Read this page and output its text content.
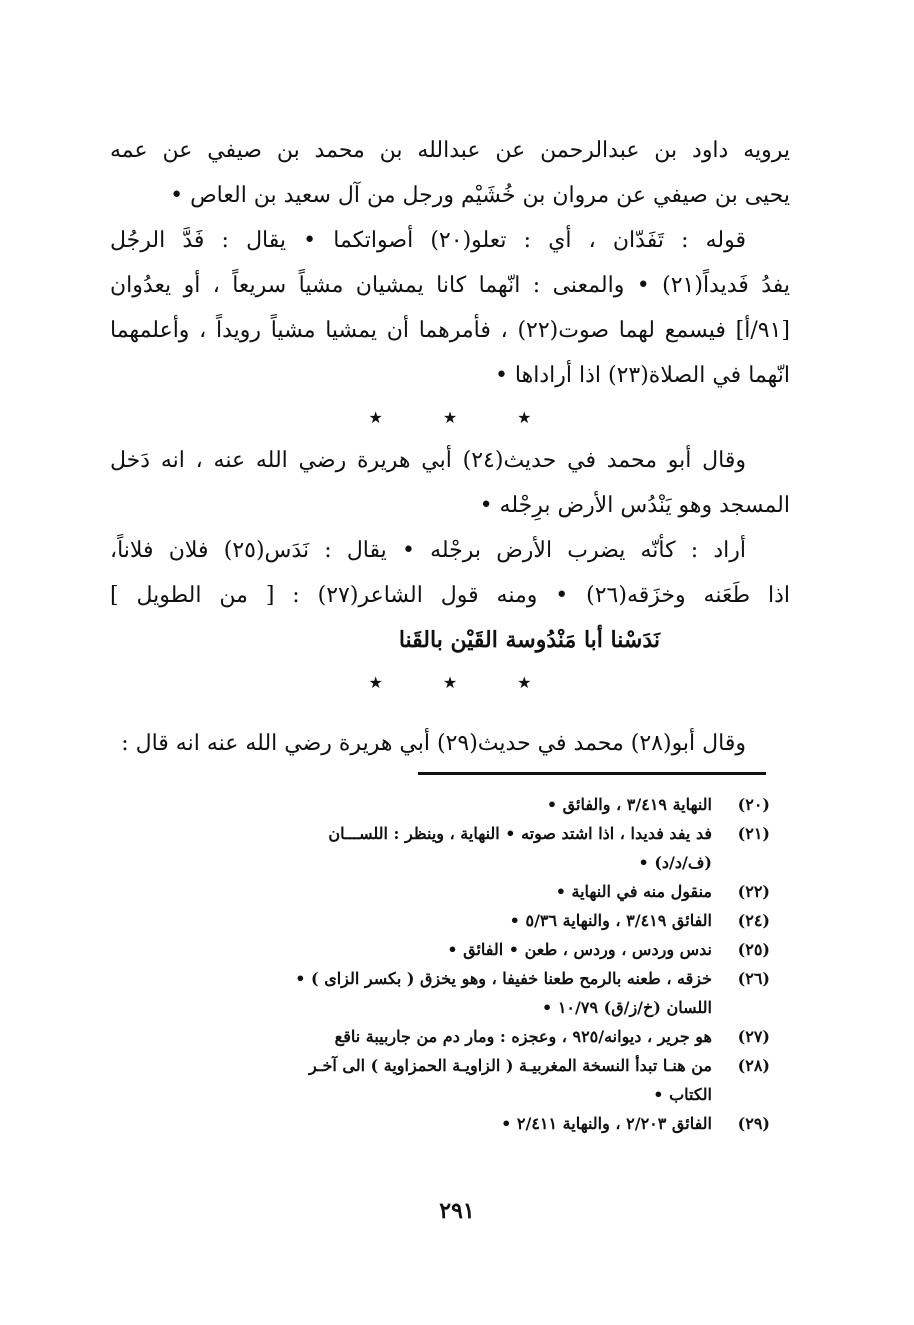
يرويه داود بن عبدالرحمن عن عبدالله بن محمد بن صيفي عن عمه
يحيى بن صيفي عن مروان بن خُشَيْم ورجل من آل سعيد بن العاص •
قوله : تَفَدّان ، أي : تعلو(٢٠) أصواتكما • يقال : فَدَّ الرجُل
يفدُ فَديداً(٢١) • والمعنى : انّهما كانا يمشيان مشياً سريعاً ، أو يعدُوان
[٩١/أ] فيسمع لهما صوت(٢٢) ، فأمرهما أن يمشيا مشياً رويداً ، وأعلمهما
انّهما في الصلاة(٢٣) اذا أراداها •
★★★
وقال أبو محمد في حديث(٢٤) أبي هريرة رضي الله عنه ، انه دَخل
المسجد وهو يَنْدُس الأرض برِجْله •
أراد : كأنّه يضرب الأرض برجْله • يقال : نَدَس(٢٥) فلان فلاناً،
اذا طَعَنه وخزَقه(٢٦) • ومنه قول الشاعر(٢٧) : [ من الطويل ]
نَدَسْنا أبا مَنْدُوسة القَيْن بالقَنا
★★★
وقال أبو(٢٨) محمد في حديث(٢٩) أبي هريرة رضي الله عنه انه قال :
(٢٠)
النهاية ٣/٤١٩ ، والفائق •
(٢١)
فد يفد فديدا ، اذا اشتد صوته • النهاية ، وينظر : اللســـان
(ف/د/د) •
(٢٢)
منقول منه في النهاية •
(٢٤)
الفائق ٣/٤١٩ ، والنهاية ٥/٣٦ •
(٢٥)
ندس وردس ، وردس ، طعن • الفائق •
(٢٦)
خزقه ، طعنه بالرمح طعنا خفيفا ، وهو يخزق ( بكسر الزاى ) •
اللسان (خ/ز/ق) ١٠/٧٩ •
(٢٧)
هو جرير ، ديوانه/٩٢٥ ، وعجزه : ومار دم من جاربيبة ناقع
(٢٨)
من هنـا تبدأ النسخة المغربيـة ( الزاويـة الحمزاوية ) الى آخـر
الكتاب •
(٢٩)
الفائق ٢/٢٠٣ ، والنهاية ٢/٤١١ •
٢٩١
